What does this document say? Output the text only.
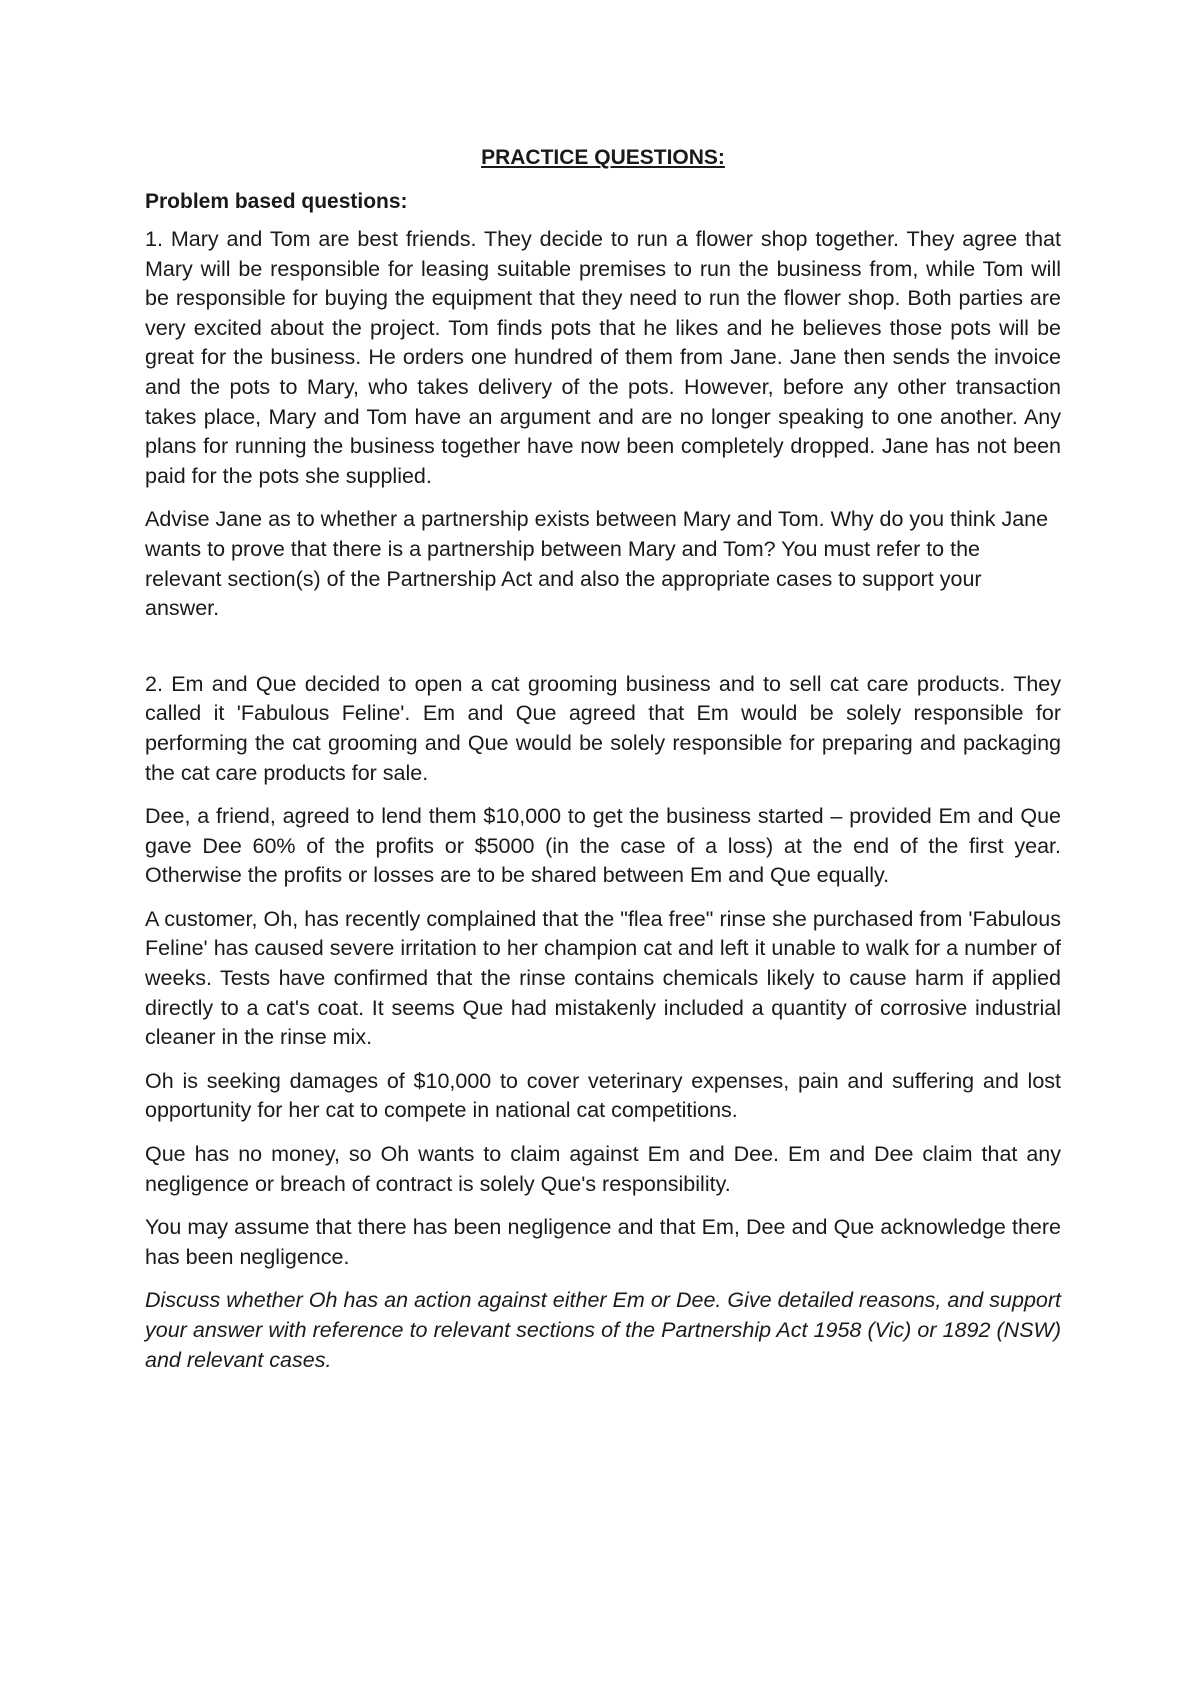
PRACTICE QUESTIONS:
Problem based questions:

1. Mary and Tom are best friends. They decide to run a flower shop together. They agree that Mary will be responsible for leasing suitable premises to run the business from, while Tom will be responsible for buying the equipment that they need to run the flower shop. Both parties are very excited about the project. Tom finds pots that he likes and he believes those pots will be great for the business. He orders one hundred of them from Jane. Jane then sends the invoice and the pots to Mary, who takes delivery of the pots. However, before any other transaction takes place, Mary and Tom have an argument and are no longer speaking to one another. Any plans for running the business together have now been completely dropped. Jane has not been paid for the pots she supplied.

Advise Jane as to whether a partnership exists between Mary and Tom. Why do you think Jane wants to prove that there is a partnership between Mary and Tom? You must refer to the relevant section(s) of the Partnership Act and also the appropriate cases to support your

answer.

2. Em and Que decided to open a cat grooming business and to sell cat care products. They called it 'Fabulous Feline'. Em and Que agreed that Em would be solely responsible for performing the cat grooming and Que would be solely responsible for preparing and packaging the cat care products for sale.

Dee, a friend, agreed to lend them $10,000 to get the business started – provided Em and Que gave Dee 60% of the profits or $5000 (in the case of a loss) at the end of the first year. Otherwise the profits or losses are to be shared between Em and Que equally.

A customer, Oh, has recently complained that the "flea free" rinse she purchased from 'Fabulous Feline' has caused severe irritation to her champion cat and left it unable to walk for a number of weeks. Tests have confirmed that the rinse contains chemicals likely to cause harm if applied directly to a cat's coat. It seems Que had mistakenly included a quantity of corrosive industrial cleaner in the rinse mix.

Oh is seeking damages of $10,000 to cover veterinary expenses, pain and suffering and lost opportunity for her cat to compete in national cat competitions.

Que has no money, so Oh wants to claim against Em and Dee. Em and Dee claim that any negligence or breach of contract is solely Que's responsibility.

You may assume that there has been negligence and that Em, Dee and Que acknowledge there has been negligence.

Discuss whether Oh has an action against either Em or Dee. Give detailed reasons, and support your answer with reference to relevant sections of the Partnership Act 1958 (Vic) or 1892 (NSW) and relevant cases.
